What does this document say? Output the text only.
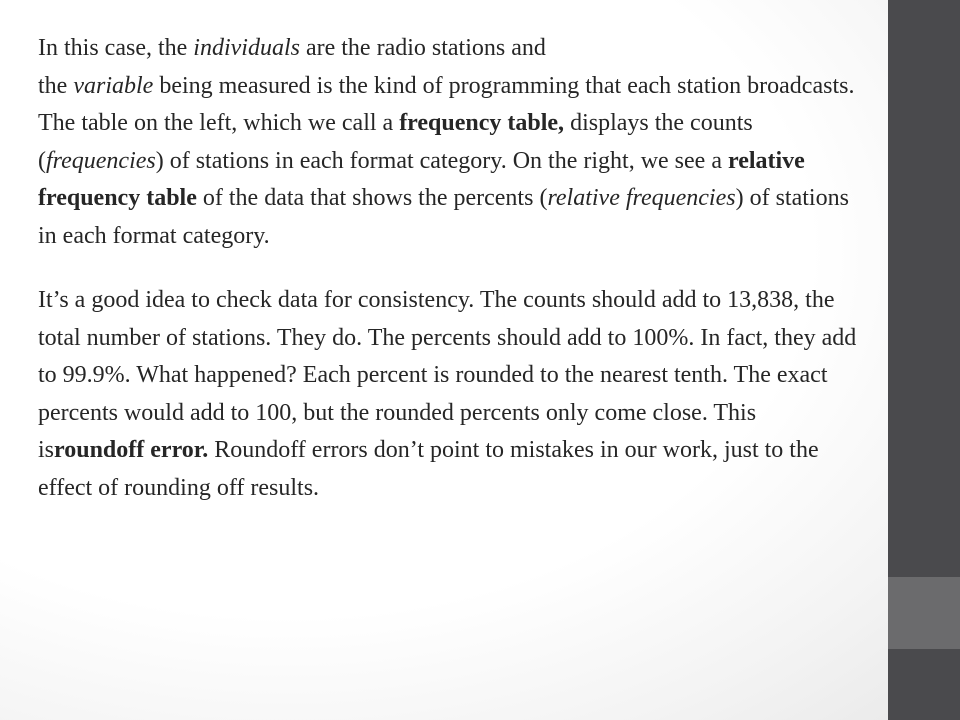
In this case, the individuals are the radio stations and
the variable being measured is the kind of programming that each station broadcasts. The table on the left, which we call a frequency table, displays the counts (frequencies) of stations in each format category. On the right, we see a relative frequency table of the data that shows the percents (relative frequencies) of stations in each format category.

It’s a good idea to check data for consistency. The counts should add to 13,838, the total number of stations. They do. The percents should add to 100%. In fact, they add to 99.9%. What happened? Each percent is rounded to the nearest tenth. The exact percents would add to 100, but the rounded percents only come close. This isroundoff error. Roundoff errors don’t point to mistakes in our work, just to the effect of rounding off results.
